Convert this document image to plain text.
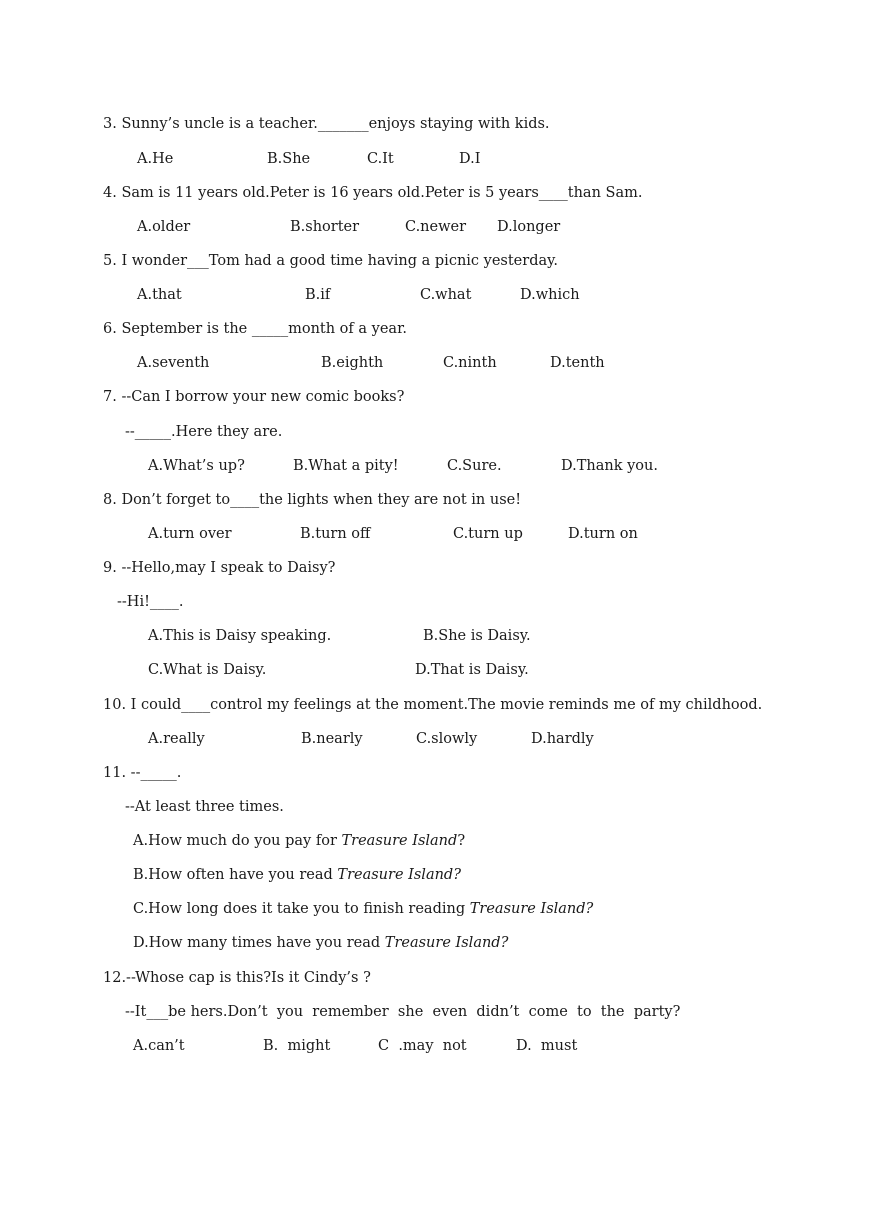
3. Sunny’s uncle is a teacher._______enjoys staying with kids.
A.He	B.She	C.It	D.I
4. Sam is 11 years old.Peter is 16 years old.Peter is 5 years____than Sam.
A.older	B.shorter	C.newer D.longer
5. I wonder___Tom had a good time having a picnic yesterday.
A.that	B.if	C.what	D.which
6. September is the _____month of a year.
A.seventh	B.eighth	C.ninth	D.tenth
7. --Can I borrow your new comic books?
--_____.Here they are.
A.What’s up?	B.What a pity!	C.Sure.	D.Thank you.
8. Don’t forget to____the lights when they are not in use!
A.turn over	B.turn off	C.turn up	D.turn on
9. --Hello,may I speak to Daisy?
--Hi!____.
A.This is Daisy speaking.	B.She is Daisy.
C.What is Daisy.	D.That is Daisy.
10. I could____control my feelings at the moment.The movie reminds me of my childhood.
A.really	B.nearly	C.slowly	D.hardly
11. --_____.
--At least three times.
A.How much do you pay for Treasure Island?
B.How often have you read Treasure Island?
C.How long does it take you to finish reading Treasure Island?
D.How many times have you read Treasure Island?
12.--Whose cap is this?Is it Cindy’s ?
--It___be hers.Don’t  you  remember  she  even  didn’t  come  to  the  party?
A.can’t	B.  might	C  .may  not	D.  must
